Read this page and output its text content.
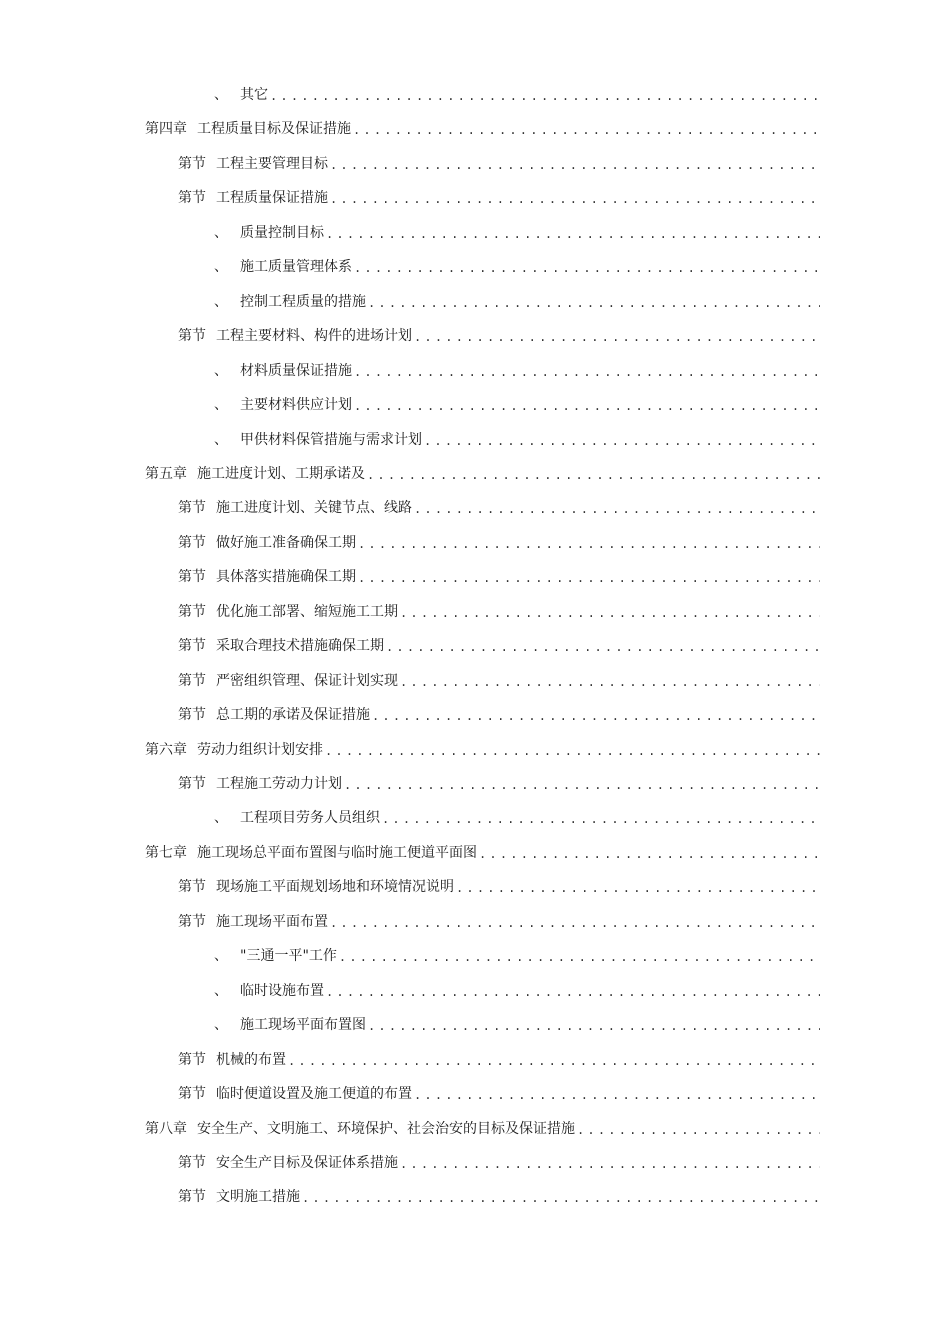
、 其它
.....
第四章 工程质量目标及保证措施
.....
第节 工程主要管理目标
.....
第节 工程质量保证措施
.....
、 质量控制目标
.....
、 施工质量管理体系
.....
、 控制工程质量的措施
.....
第节 工程主要材料、构件的进场计划
.....
、 材料质量保证措施
.....
、 主要材料供应计划
.....
、 甲供材料保管措施与需求计划
.....
第五章 施工进度计划、工期承诺及
.....
第节 施工进度计划、关键节点、线路
.....
第节 做好施工准备确保工期
.....
第节 具体落实措施确保工期
.....
第节 优化施工部署、缩短施工工期
.....
第节 采取合理技术措施确保工期
.....
第节 严密组织管理、保证计划实现
.....
第节 总工期的承诺及保证措施
.....
第六章 劳动力组织计划安排
.....
第节 工程施工劳动力计划
.....
、 工程项目劳务人员组织
.....
第七章 施工现场总平面布置图与临时施工便道平面图
.....
第节 现场施工平面规划场地和环境情况说明
.....
第节 施工现场平面布置
.....
、 "三通一平"工作
.....
、 临时设施布置
.....
、 施工现场平面布置图
.....
第节 机械的布置
.....
第节 临时便道设置及施工便道的布置
.....
第八章 安全生产、文明施工、环境保护、社会治安的目标及保证措施
.....
第节 安全生产目标及保证体系措施
.....
第节 文明施工措施
.....
